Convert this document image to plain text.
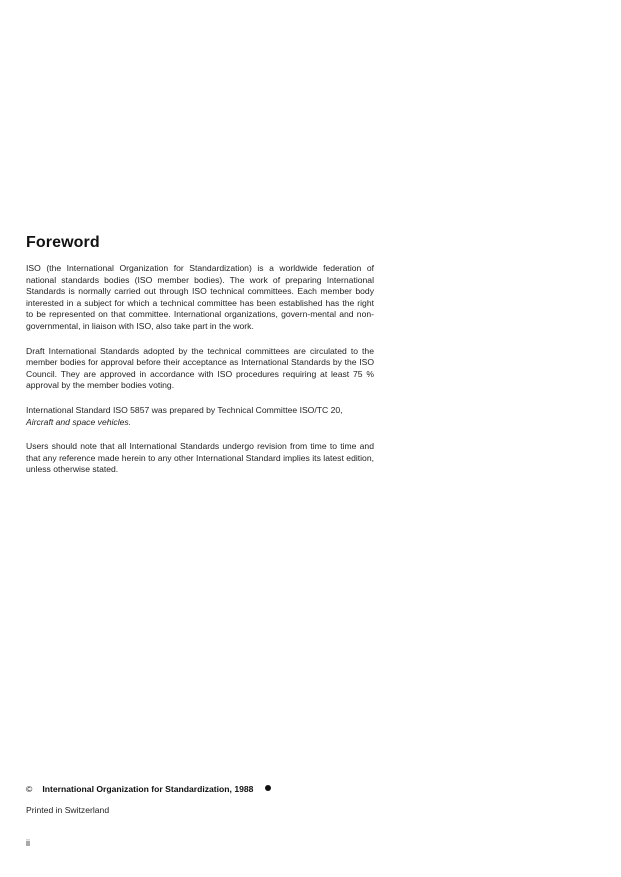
Foreword

ISO (the International Organization for Standardization) is a worldwide federation of national standards bodies (ISO member bodies). The work of preparing International Standards is normally carried out through ISO technical committees. Each member body interested in a subject for which a technical committee has been established has the right to be represented on that committee. International organizations, govern-mental and non-governmental, in liaison with ISO, also take part in the work.

Draft International Standards adopted by the technical committees are circulated to the member bodies for approval before their acceptance as International Standards by the ISO Council. They are approved in accordance with ISO procedures requiring at least 75 % approval by the member bodies voting.

International Standard ISO 5857 was prepared by Technical Committee ISO/TC 20,
Aircraft and space vehicles.

Users should note that all International Standards undergo revision from time to time and that any reference made herein to any other International Standard implies its latest edition, unless otherwise stated.

© International Organization for Standardization, 1988
Printed in Switzerland
ii
